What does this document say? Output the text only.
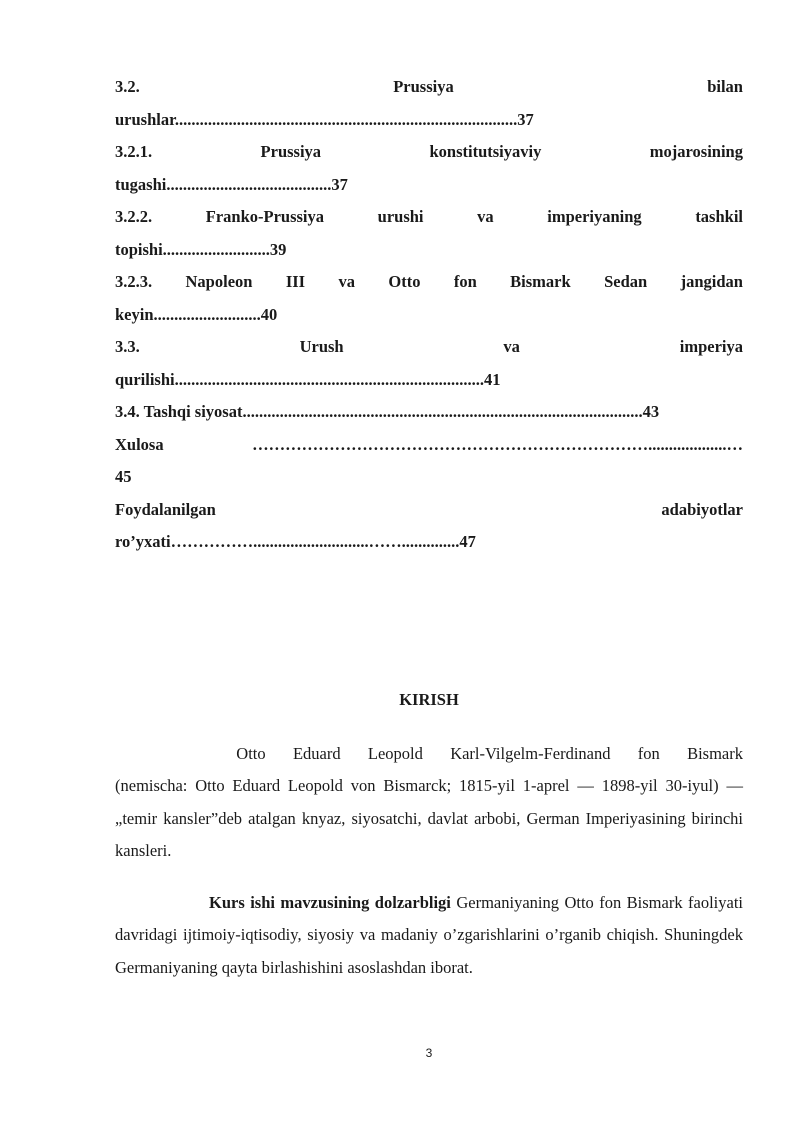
3.2.	Prussiya	bilan
urushlar...................................................................................37
3.2.1.	Prussiya	konstitutsiyaviy	mojarosining
tugashi........................................37
3.2.2.	Franko-Prussiya	urushi	va	imperiyaning	tashkil
topishi..........................39
3.2.3. Napoleon III va Otto fon Bismark Sedan jangidan
keyin..........................40
3.3.	Urush	va	imperiya
qurilishi...........................................................................41
3.4. Tashqi siyosat.................................................................................................43
Xulosa	………………………………………………………………...................…
45
Foydalanilgan	adabiyotlar
ro’yxati……………............................……..............47
KIRISH
Otto Eduard Leopold Karl-Vilgelm-Ferdinand fon Bismark
(nemischa: Otto Eduard Leopold von Bismarck; 1815-yil 1-aprel — 1898-yil 30-iyul) — „temir kansler”deb atalgan knyaz, siyosatchi, davlat arbobi, German Imperiyasining birinchi kansleri.
Kurs ishi mavzusining dolzarbligi Germaniyaning Otto fon Bismark faoliyati davridagi ijtimoiy-iqtisodiy, siyosiy va madaniy o’zgarishlarini o’rganib chiqish. Shuningdek Germaniyaning qayta birlashishini asoslashdan iborat.
3
